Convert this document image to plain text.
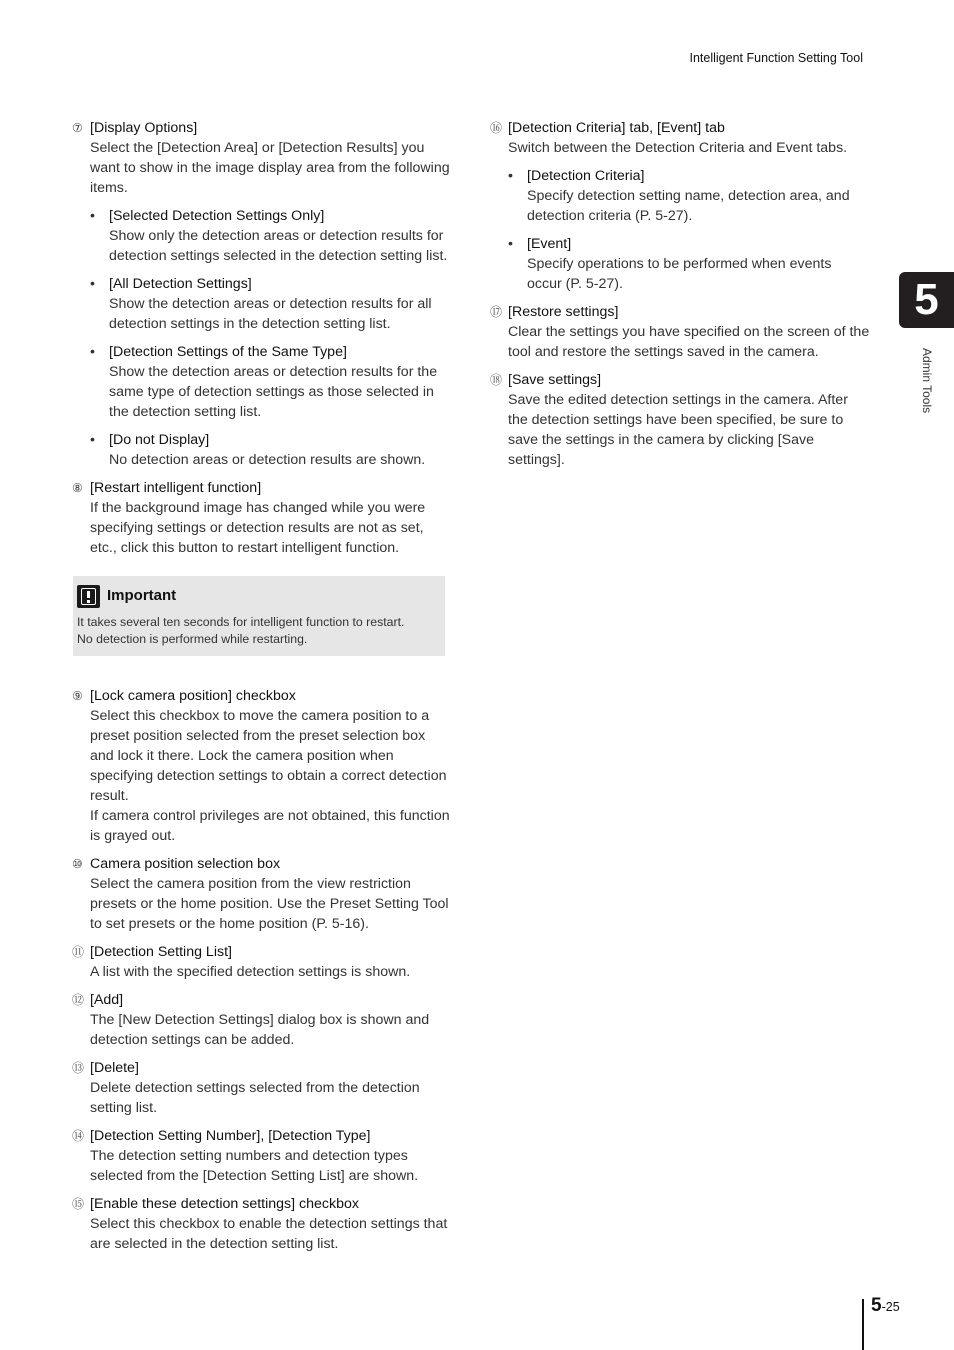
Intelligent Function Setting Tool
⑦ [Display Options]
Select the [Detection Area] or [Detection Results] you want to show in the image display area from the following items.
• [Selected Detection Settings Only]
Show only the detection areas or detection results for detection settings selected in the detection setting list.
• [All Detection Settings]
Show the detection areas or detection results for all detection settings in the detection setting list.
• [Detection Settings of the Same Type]
Show the detection areas or detection results for the same type of detection settings as those selected in the detection setting list.
• [Do not Display]
No detection areas or detection results are shown.
⑧ [Restart intelligent function]
If the background image has changed while you were specifying settings or detection results are not as set, etc., click this button to restart intelligent function.
Important
It takes several ten seconds for intelligent function to restart.
No detection is performed while restarting.
⑨ [Lock camera position] checkbox
Select this checkbox to move the camera position to a preset position selected from the preset selection box and lock it there. Lock the camera position when specifying detection settings to obtain a correct detection result.
If camera control privileges are not obtained, this function is grayed out.
⑩ Camera position selection box
Select the camera position from the view restriction presets or the home position. Use the Preset Setting Tool to set presets or the home position (P. 5-16).
⑪ [Detection Setting List]
A list with the specified detection settings is shown.
⑫ [Add]
The [New Detection Settings] dialog box is shown and detection settings can be added.
⑬ [Delete]
Delete detection settings selected from the detection setting list.
⑭ [Detection Setting Number], [Detection Type]
The detection setting numbers and detection types selected from the [Detection Setting List] are shown.
⑮ [Enable these detection settings] checkbox
Select this checkbox to enable the detection settings that are selected in the detection setting list.
⑯ [Detection Criteria] tab, [Event] tab
Switch between the Detection Criteria and Event tabs.
• [Detection Criteria]
Specify detection setting name, detection area, and detection criteria (P. 5-27).
• [Event]
Specify operations to be performed when events occur (P. 5-27).
⑰ [Restore settings]
Clear the settings you have specified on the screen of the tool and restore the settings saved in the camera.
⑱ [Save settings]
Save the edited detection settings in the camera. After the detection settings have been specified, be sure to save the settings in the camera by clicking [Save settings].
5
Admin Tools
5-25
